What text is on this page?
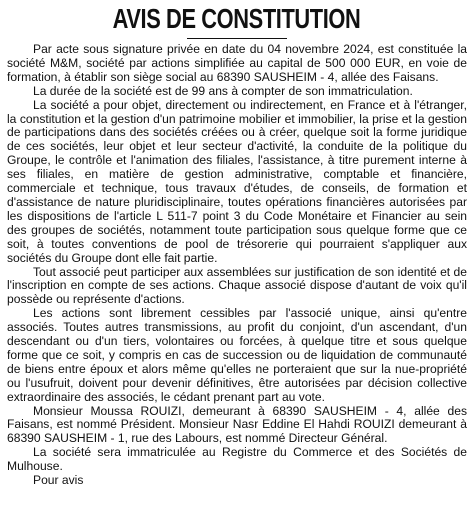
AVIS DE CONSTITUTION

Par acte sous signature privée en date du 04 novembre 2024, est constituée la société M&M, société par actions simplifiée au capital de 500 000 EUR, en voie de formation, à établir son siège social au 68390 SAUSHEIM - 4, allée des Faisans.

La durée de la société est de 99 ans à compter de son immatriculation.

La société a pour objet, directement ou indirectement, en France et à l'étranger, la constitution et la gestion d'un patrimoine mobilier et immobilier, la prise et la gestion de participations dans des sociétés créées ou à créer, quelque soit la forme juridique de ces sociétés, leur objet et leur secteur d'activité, la conduite de la politique du Groupe, le contrôle et l'animation des filiales, l'assistance, à titre purement interne à ses filiales, en matière de gestion administrative, comptable et financière, commerciale et technique, tous travaux d'études, de conseils, de formation et d'assistance de nature pluridisciplinaire, toutes opérations financières autorisées par les dispositions de l'article L 511-7 point 3 du Code Monétaire et Financier au sein des groupes de sociétés, notamment toute participation sous quelque forme que ce soit, à toutes conventions de pool de trésorerie qui pourraient s'appliquer aux sociétés du Groupe dont elle fait partie.

Tout associé peut participer aux assemblées sur justification de son identité et de l'inscription en compte de ses actions. Chaque associé dispose d'autant de voix qu'il possède ou représente d'actions.

Les actions sont librement cessibles par l'associé unique, ainsi qu'entre associés. Toutes autres transmissions, au profit du conjoint, d'un ascendant, d'un descendant ou d'un tiers, volontaires ou forcées, à quelque titre et sous quelque forme que ce soit, y compris en cas de succession ou de liquidation de communauté de biens entre époux et alors même qu'elles ne porteraient que sur la nue-propriété ou l'usufruit, doivent pour devenir définitives, être autorisées par décision collective extraordinaire des associés, le cédant prenant part au vote.

Monsieur Moussa ROUIZI, demeurant à 68390 SAUSHEIM - 4, allée des Faisans, est nommé Président. Monsieur Nasr Eddine El Hahdi ROUIZI demeurant à 68390 SAUSHEIM - 1, rue des Labours, est nommé Directeur Général.

La société sera immatriculée au Registre du Commerce et des Sociétés de Mulhouse.

Pour avis
